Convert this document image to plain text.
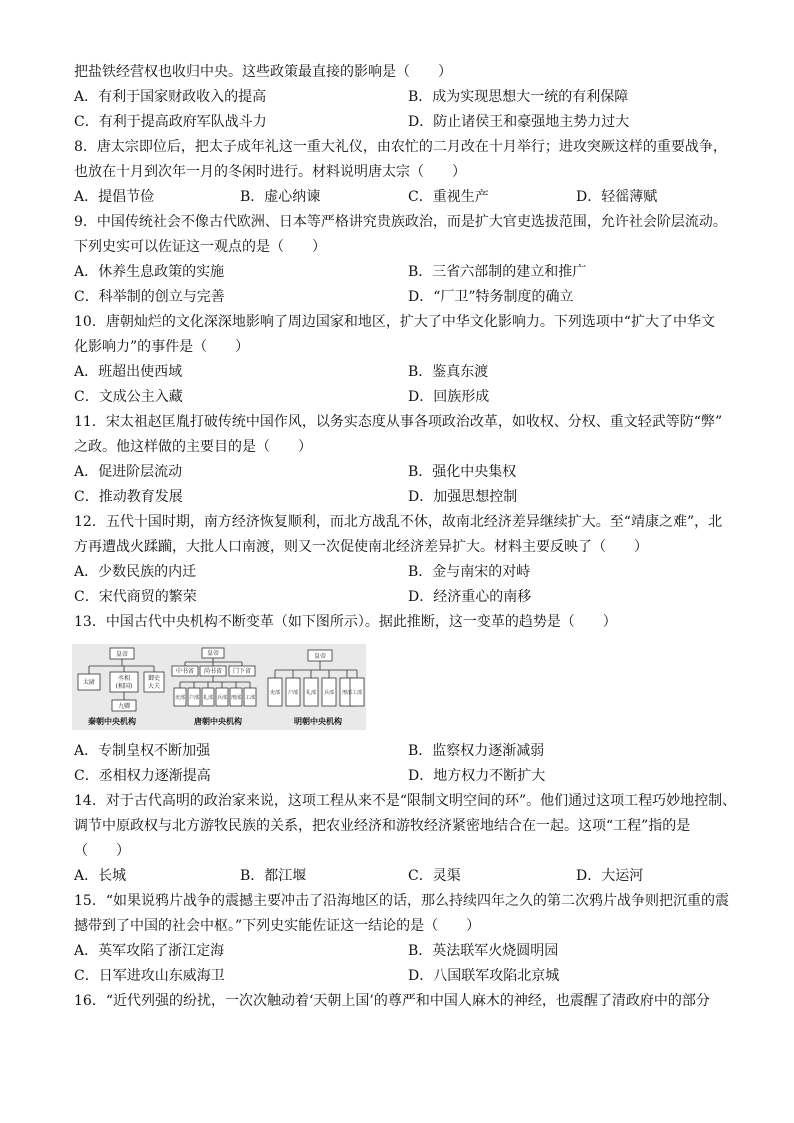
把盐铁经营权也收归中央。这些政策最直接的影响是（　　）
A．有利于国家财政收入的提高	B．成为实现思想大一统的有利保障
C．有利于提高政府军队战斗力	D．防止诸侯王和豪强地主势力过大
8．唐太宗即位后，把太子成年礼这一重大礼仪，由农忙的二月改在十月举行；进攻突厥这样的重要战争，
也放在十月到次年一月的冬闲时进行。材料说明唐太宗（　　）
A．提倡节俭	B．虚心纳谏	C．重视生产	D．轻徭薄赋
9．中国传统社会不像古代欧洲、日本等严格讲究贵族政治，而是扩大官吏选拔范围，允许社会阶层流动。
下列史实可以佐证这一观点的是（　　）
A．休养生息政策的实施	B．三省六部制的建立和推广
C．科举制的创立与完善	D．“厂卫”特务制度的确立
10．唐朝灿烂的文化深深地影响了周边国家和地区，扩大了中华文化影响力。下列选项中“扩大了中华文
化影响力”的事件是（　　）
A．班超出使西域	B．鉴真东渡
C．文成公主入藏	D．回族形成
11．宋太祖赵匡胤打破传统中国作风，以务实态度从事各项政治改革，如收权、分权、重文轻武等防“弊”
之政。他这样做的主要目的是（　　）
A．促进阶层流动	B．强化中央集权
C．推动教育发展	D．加强思想控制
12．五代十国时期，南方经济恢复顺利，而北方战乱不休，故南北经济差异继续扩大。至“靖康之难”，北
方再遭战火蹂躏，大批人口南渡，则又一次促使南北经济差异扩大。材料主要反映了（　　）
A．少数民族的内迁	B．金与南宋的对峙
C．宋代商贸的繁荣	D．经济重心的南移
13．中国古代中央机构不断变革（如下图所示）。据此推断，这一变革的趋势是（　　）
皇帝
太尉
丞相
(相国)
御史
大夫
九卿
皇帝
中书省 尚书省 门下省
吏部 户部 礼部 兵部 刑部 工部
皇帝
吏部 户部 礼部 兵部 刑部 工部
秦朝中央机构	唐朝中央机构	明朝中央机构
A．专制皇权不断加强	B．监察权力逐渐减弱
C．丞相权力逐渐提高	D．地方权力不断扩大
14．对于古代高明的政治家来说，这项工程从来不是“限制文明空间的环”。他们通过这项工程巧妙地控制、
调节中原政权与北方游牧民族的关系，把农业经济和游牧经济紧密地结合在一起。这项“工程”指的是
（　　）
A．长城	B．都江堰	C．灵渠	D．大运河
15．“如果说鸦片战争的震撼主要冲击了沿海地区的话，那么持续四年之久的第二次鸦片战争则把沉重的震
撼带到了中国的社会中枢。”下列史实能佐证这一结论的是（　　）
A．英军攻陷了浙江定海	B．英法联军火烧圆明园
C．日军进攻山东威海卫	D．八国联军攻陷北京城
16．“近代列强的纷扰，一次次触动着‘天朝上国’的尊严和中国人麻木的神经，也震醒了清政府中的部分
